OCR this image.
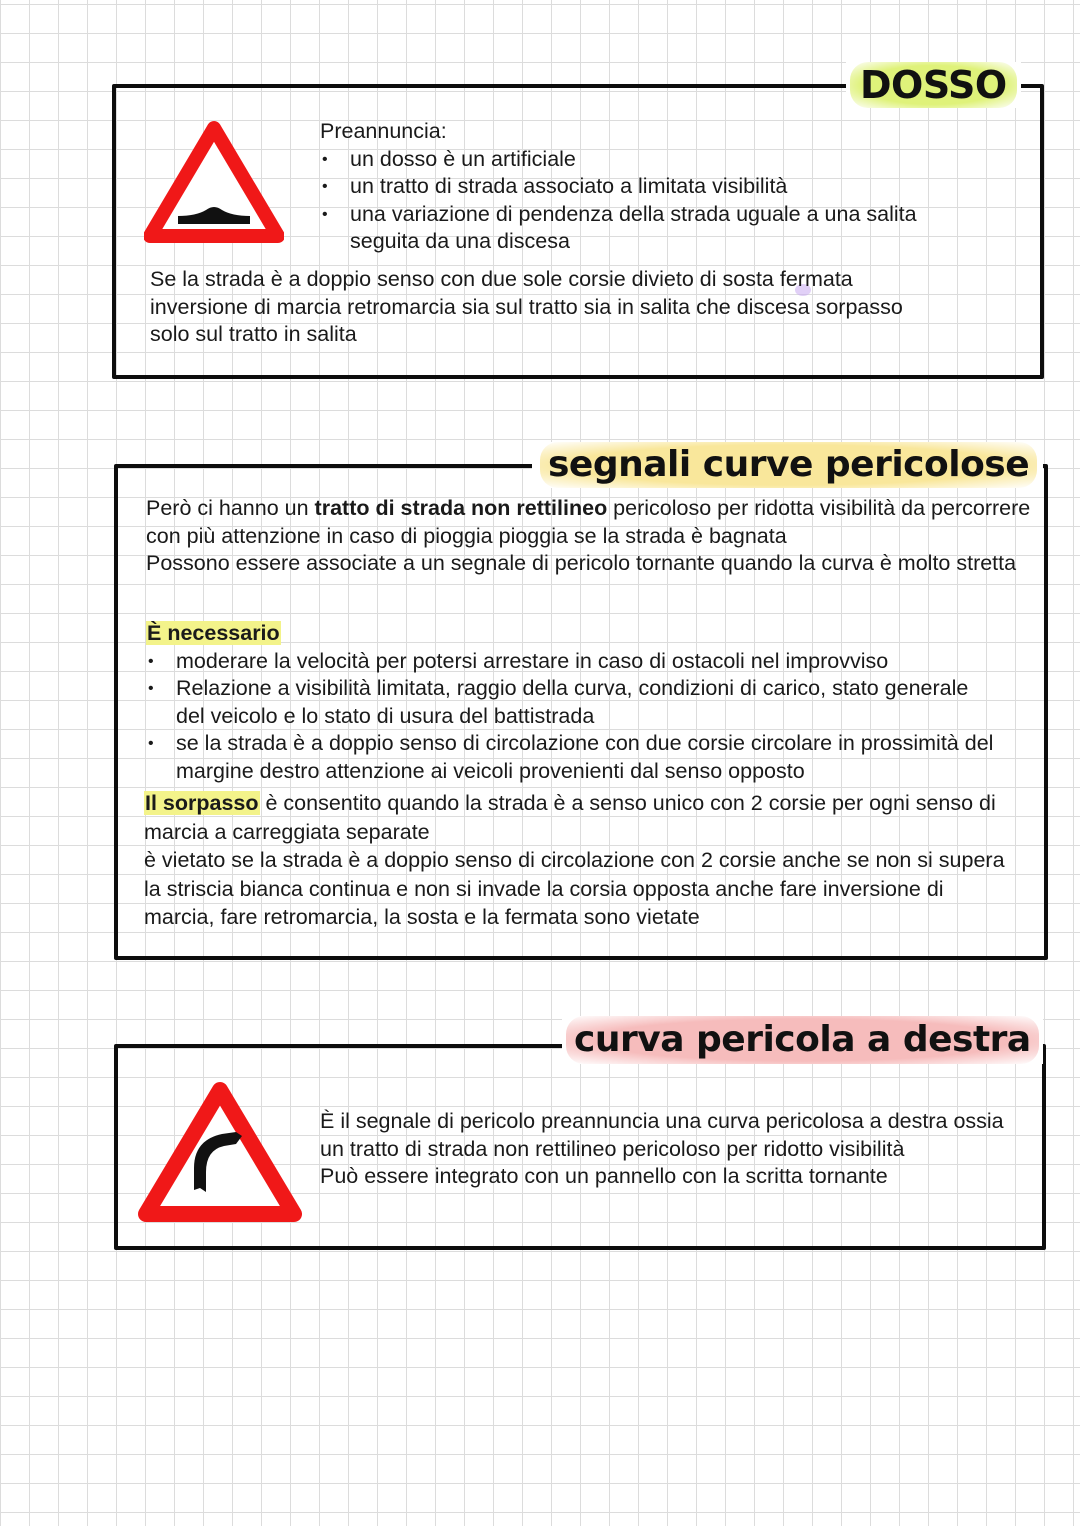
DOSSO

Preannuncia:

• un dosso è un artificiale
• un tratto di strada associato a limitata visibilità
• una variazione di pendenza della strada uguale a una salita seguita da una discesa

Se la strada è a doppio senso con due sole corsie divieto di sosta fermata

inversione di marcia retromarcia sia sul tratto sia in salita che discesa sorpasso

solo sul tratto in salita

segnali curve pericolose

Però ci hanno un tratto di strada non rettilineo pericoloso per ridotta visibilità da percorrere con più attenzione in caso di pioggia pioggia se la strada è bagnata

Possono essere associate a un segnale di pericolo tornante quando la curva è molto stretta

È necessario

• moderare la velocità per potersi arrestare in caso di ostacoli nel improvviso
• Relazione a visibilità limitata, raggio della curva, condizioni di carico, stato generale del veicolo e lo stato di usura del battistrada
• se la strada è a doppio senso di circolazione con due corsie circolare in prossimità del margine destro attenzione ai veicoli provenienti dal senso opposto

Il sorpasso è consentito quando la strada è a senso unico con 2 corsie per ogni senso di marcia a carreggiata separate

è vietato se la strada è a doppio senso di circolazione con 2 corsie anche se non si supera la striscia bianca continua e non si invade la corsia opposta anche fare inversione di marcia, fare retromarcia, la sosta e la fermata sono vietate

curva pericola a destra

È il segnale di pericolo preannuncia una curva pericolosa a destra ossia un tratto di strada non rettilineo pericoloso per ridotto visibilità

Può essere integrato con un pannello con la scritta tornante
